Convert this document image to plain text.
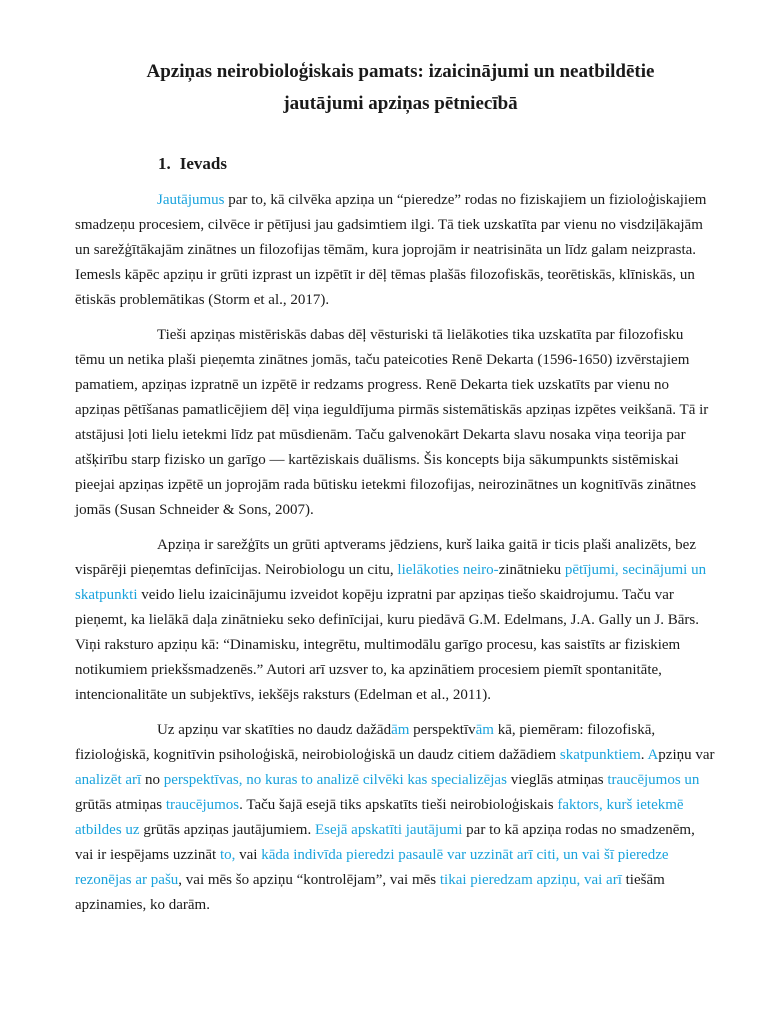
Apziņas neirobioloģiskais pamats: izaicinājumi un neatbildētie
jautājumi apziņas pētniecībā
1. Ievads

Jautājumus par to, kā cilvēka apziņa un “pieredze” rodas no fiziskajiem un fizioloģiskajiem smadzeņu procesiem, cilvēce ir pētījusi jau gadsimtiem ilgi. Tā tiek uzskatīta par vienu no visdziļākajām un sarežģītākajām zinātnes un filozofijas tēmām, kura joprojām ir neatrisināta un līdz galam neizprasta. Iemesls kāpēc apziņu ir grūti izprast un izpētīt ir dēļ tēmas plašās filozofiskās, teorētiskās, klīniskās, un ētiskās problemātikas (Storm et al., 2017).

Tieši apziņas mistēriskās dabas dēļ vēsturiski tā lielākoties tika uzskatīta par filozofisku tēmu un netika plaši pieņemta zinātnes jomās, taču pateicoties Renē Dekarta (1596-1650) izvērstajiem pamatiem, apziņas izpratnē un izpētē ir redzams progress. Renē Dekarta tiek uzskatīts par vienu no apziņas pētīšanas pamatlicējiem dēļ viņa ieguldījuma pirmās sistemātiskās apziņas izpētes veikšanā. Tā ir atstājusi ļoti lielu ietekmi līdz pat mūsdienām. Taču galvenokārt Dekarta slavu nosaka viņa teorija par atšķirību starp fizisko un garīgo — kartēziskais duālisms. Šis koncepts bija sākumpunkts sistēmiskai pieejai apziņas izpētē un joprojām rada būtisku ietekmi filozofijas, neirozinātnes un kognitīvās zinātnes jomās (Susan Schneider & Sons, 2007).

Apziņa ir sarežģīts un grūti aptverams jēdziens, kurš laika gaitā ir ticis plaši analizēts, bez vispārēji pieņemtas definīcijas. Neirobiologu un citu, lielākoties neiro-zinātnieku pētījumi, secinājumi un skatpunkti veido lielu izaicinājumu izveidot kopēju izpratni par apziņas tiešo skaidrojumu. Taču var pieņemt, ka lielākā daļa zinātnieku seko definīcijai, kuru piedāvā G.M. Edelmans, J.A. Gally un J. Bārs. Viņi raksturo apziņu kā: “Dinamisku, integrētu, multimodālu garīgo procesu, kas saistīts ar fiziskiem notikumiem priekšsmadzenēs.” Autori arī uzsver to, ka apzinātiem procesiem piemīt spontanitāte, intencionalitāte un subjektīvs, iekšējs raksturs (Edelman et al., 2011).

Uz apziņu var skatīties no daudz dažādām perspektīvām kā, piemēram: filozofiskā, fizioloģiskā, kognitīvin psiholoģiskā, neirobioloģiskā un daudz citiem dažādiem skatpunktiem. Apziņu var analizēt arī no perspektīvas, no kuras to analizē cilvēki kas specializējas vieglās atmiņas traucējumos un grūtās atmiņas traucējumos. Taču šajā esejā tiks apskatīts tieši neirobioloģiskais faktors, kurš ietekmē atbildes uz grūtās apziņas jautājumiem. Esejā apskatīti jautājumi par to kā apziņa rodas no smadzenēm, vai ir iespējams uzzināt to, vai kāda indivīda pieredzi pasaulē var uzzināt arī citi, un vai šī pieredze rezonējas ar pašu, vai mēs šo apziņu “kontrolējam”, vai mēs tikai pieredzam apziņu, vai arī tiešām apzinamies, ko darām.
